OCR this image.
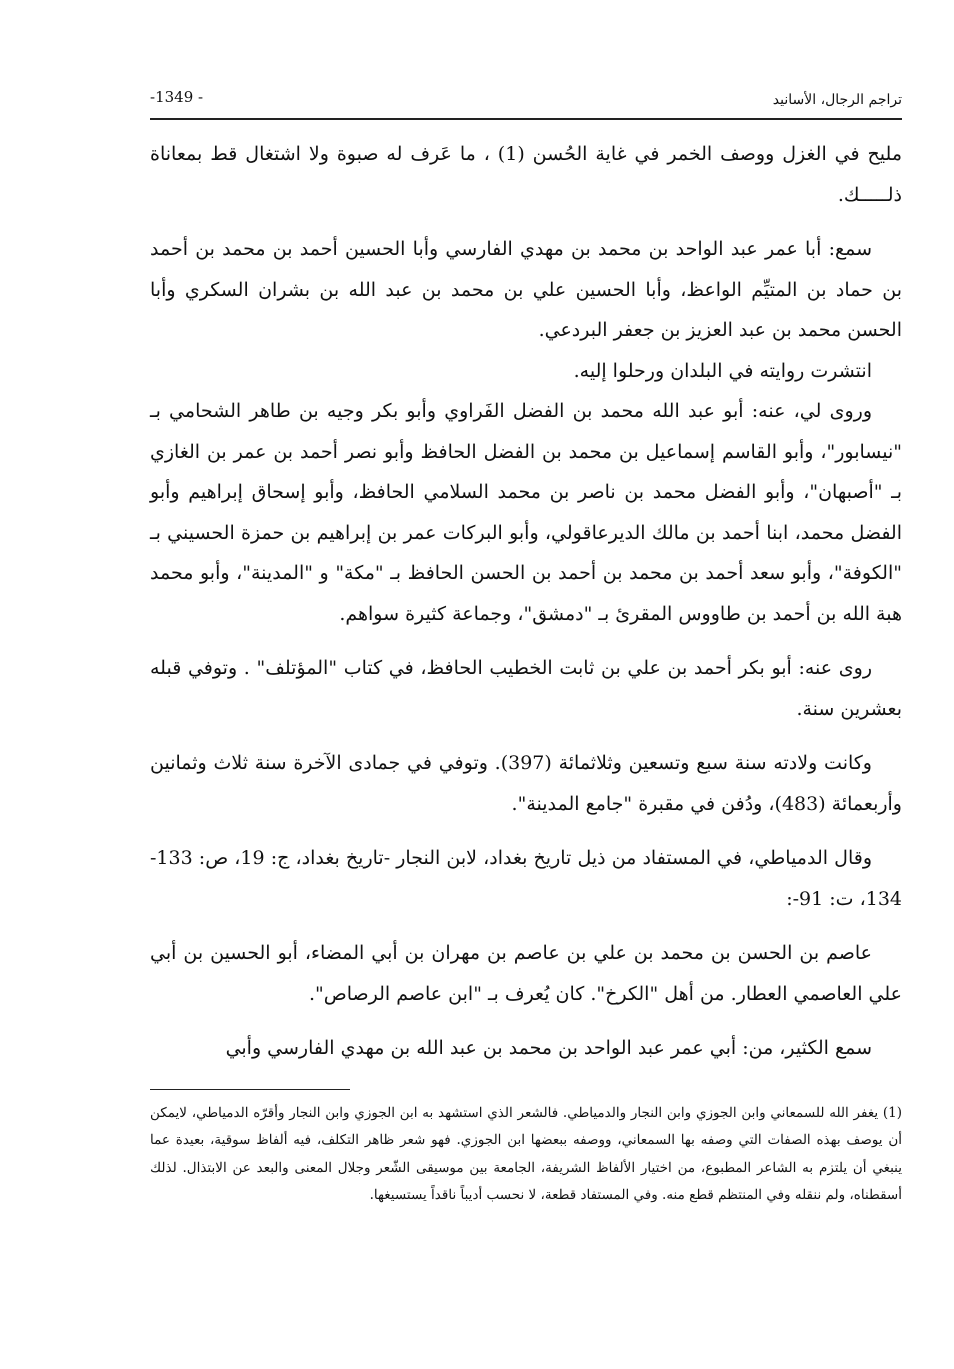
تراجم الرجال، الأسانيد
-1349 -

مليح في الغزل ووصف الخمر في غاية الحُسن (1) ، ما عَرف له صبوة ولا اشتغال قط بمعاناة ذلـــــك.

سمع: أبا عمر عبد الواحد بن محمد بن مهدي الفارسي وأبا الحسين أحمد بن محمد بن أحمد بن حماد بن المتيِّم الواعظ، وأبا الحسين علي بن محمد بن عبد الله بن بشران السكري وأبا الحسن محمد بن عبد العزيز بن جعفر البردعي.

انتشرت روايته في البلدان ورحلوا إليه.

وروى لي، عنه: أبو عبد الله محمد بن الفضل الفَراوي وأبو بكر وجيه بن طاهر الشحامي بـ "نيسابور"، وأبو القاسم إسماعيل بن محمد بن الفضل الحافظ وأبو نصر أحمد بن عمر بن الغازي بـ "أصبهان"، وأبو الفضل محمد بن ناصر بن محمد السلامي الحافظ، وأبو إسحاق إبراهيم وأبو الفضل محمد، ابنا أحمد بن مالك الديرعاقولي، وأبو البركات عمر بن إبراهيم بن حمزة الحسيني بـ "الكوفة"، وأبو سعد أحمد بن محمد بن أحمد بن الحسن الحافظ بـ "مكة" و "المدينة"، وأبو محمد هبة الله بن أحمد بن طاووس المقرئ بـ "دمشق"، وجماعة كثيرة سواهم.

روى عنه: أبو بكر أحمد بن علي بن ثابت الخطيب الحافظ، في كتاب "المؤتلف" . وتوفي قبله بعشرين سنة.

وكانت ولادته سنة سبع وتسعين وثلاثمائة (397). وتوفي في جمادى الآخرة سنة ثلاث وثمانين وأربعمائة (483)، ودُفن في مقبرة "جامع المدينة".

وقال الدمياطي، في المستفاد من ذيل تاريخ بغداد، لابن النجار -تاريخ بغداد، ج: 19، ص: 133-134، ت: 91-:

عاصم بن الحسن بن محمد بن علي بن عاصم بن مهران بن أبي المضاء، أبو الحسين بن أبي علي العاصمي العطار. من أهل "الكرخ". كان يُعرف بـ "ابن عاصم الرصاص".

سمع الكثير، من: أبي عمر عبد الواحد بن محمد بن عبد الله بن مهدي الفارسي وأبي

(1) يغفر الله للسمعاني وابن الجوزي وابن النجار والدمياطي. فالشعر الذي استشهد به ابن الجوزي وابن النجار وأقرّه الدمياطي، لايمكن أن يوصف بهذه الصفات التي وصفه بها السمعاني، ووصفه ببعضها ابن الجوزي. فهو شعر ظاهر التكلف، فيه ألفاظ سوقية، بعيدة عما ينبغي أن يلتزم به الشاعر المطبوع، من اختيار الألفاظ الشريفة، الجامعة بين موسيقى الشّعر وجلال المعنى والبعد عن الابتذال. لذلك أسقطناه، ولم ننقله وفي المنتظم قطع منه. وفي المستفاد قطعة، لا نحسب أديباً ناقداً يستسيغها.
